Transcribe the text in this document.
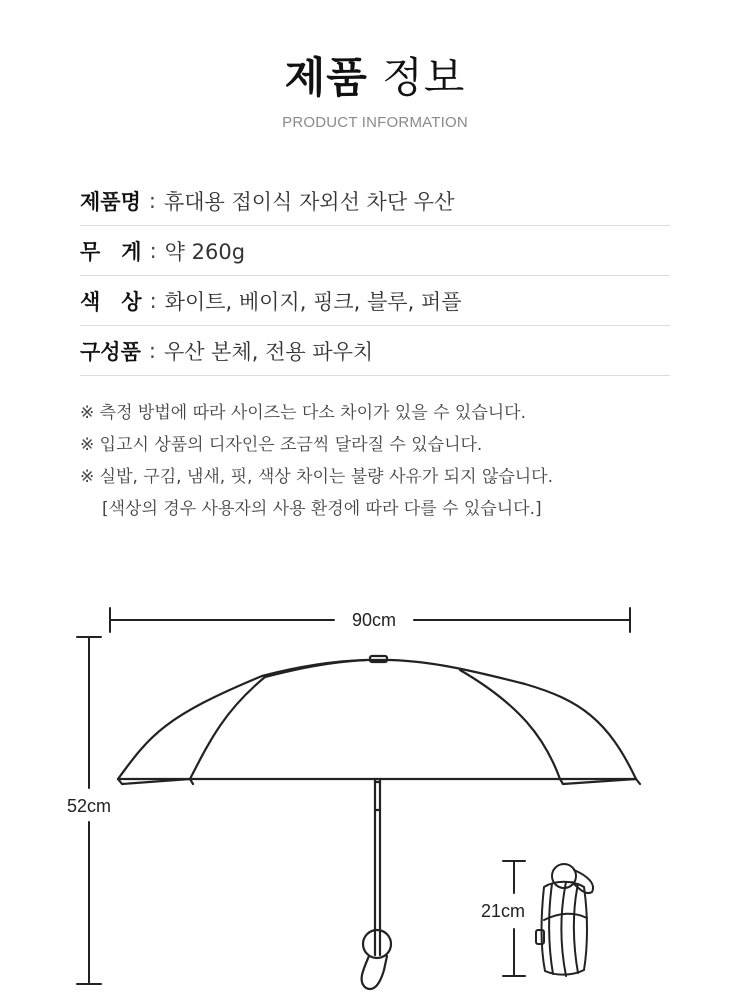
제품 정보
PRODUCT INFORMATION
제품명 : 휴대용 접이식 자외선 차단 우산
무　게 : 약 260g
색　상 : 화이트, 베이지, 핑크, 블루, 퍼플
구성품 : 우산 본체, 전용 파우치
※ 측정 방법에 따라 사이즈는 다소 차이가 있을 수 있습니다.
※ 입고시 상품의 디자인은 조금씩 달라질 수 있습니다.
※ 실밥, 구김, 냄새, 핏, 색상 차이는 불량 사유가 되지 않습니다.
[색상의 경우 사용자의 사용 환경에 따라 다를 수 있습니다.]
90cm
52cm
21cm
